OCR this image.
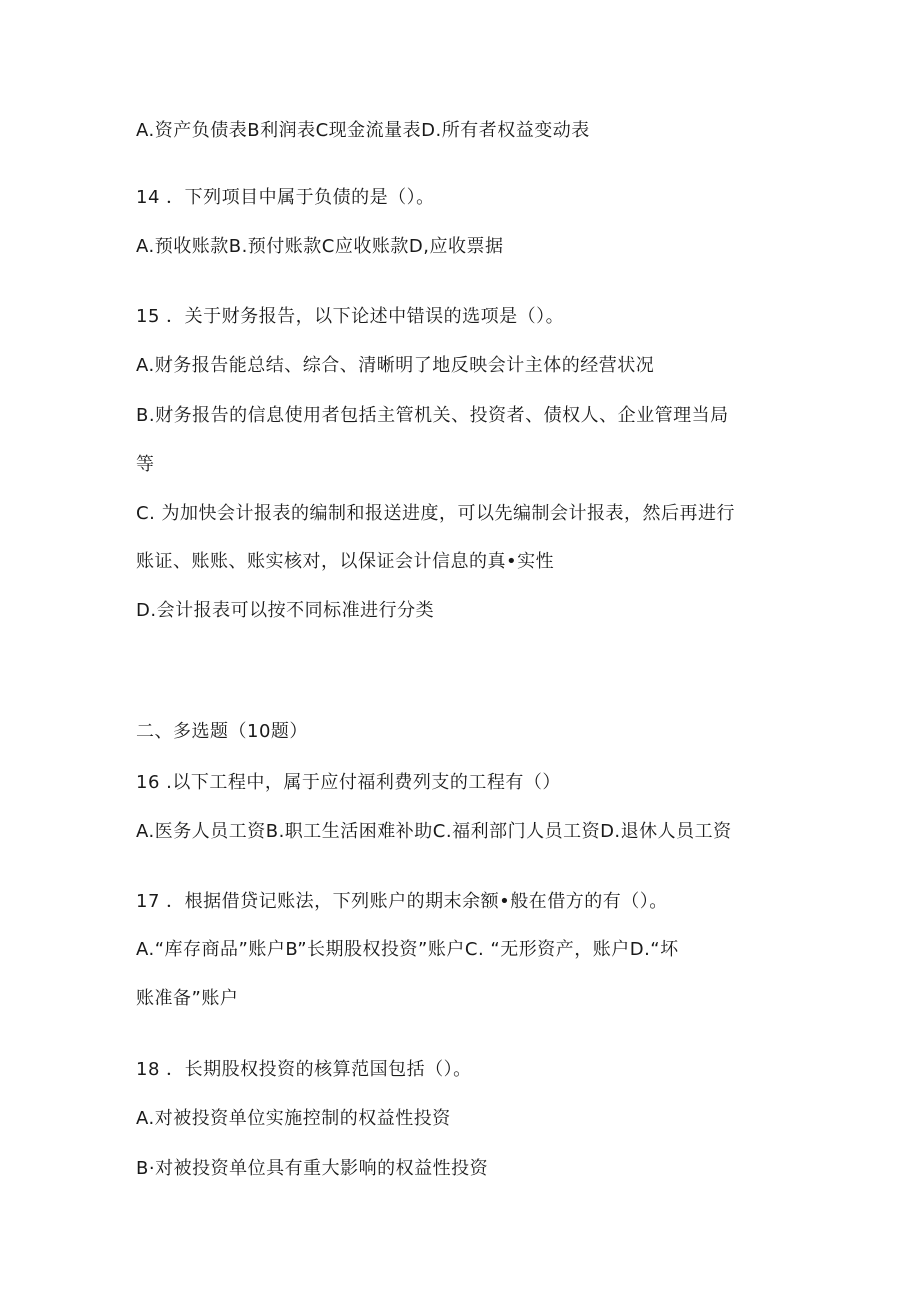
A.资产负债表B利润表C现金流量表D.所有者权益变动表
14 ．下列项目中属于负债的是（）。
A.预收账款B.预付账款C应收账款D,应收票据
15 ．关于财务报告，以下论述中错误的选项是（）。
A.财务报告能总结、综合、清晰明了地反映会计主体的经营状况
B.财务报告的信息使用者包括主管机关、投资者、债权人、企业管理当局
等
C. 为加快会计报表的编制和报送进度，可以先编制会计报表，然后再进行
账证、账账、账实核对，以保证会计信息的真•实性
D.会计报表可以按不同标准进行分类
二、多选题（10题）
16 .以下工程中，属于应付福利费列支的工程有（）
A.医务人员工资B.职工生活困难补助C.福利部门人员工资D.退休人员工资
17 ．根据借贷记账法，下列账户的期末余额•般在借方的有（）。
A.“库存商品”账户B”长期股权投资”账户C. “无形资产，账户D.“坏
账准备”账户
18 ．长期股权投资的核算范国包括（）。
A.对被投资单位实施控制的权益性投资
B·对被投资单位具有重大影响的权益性投资
